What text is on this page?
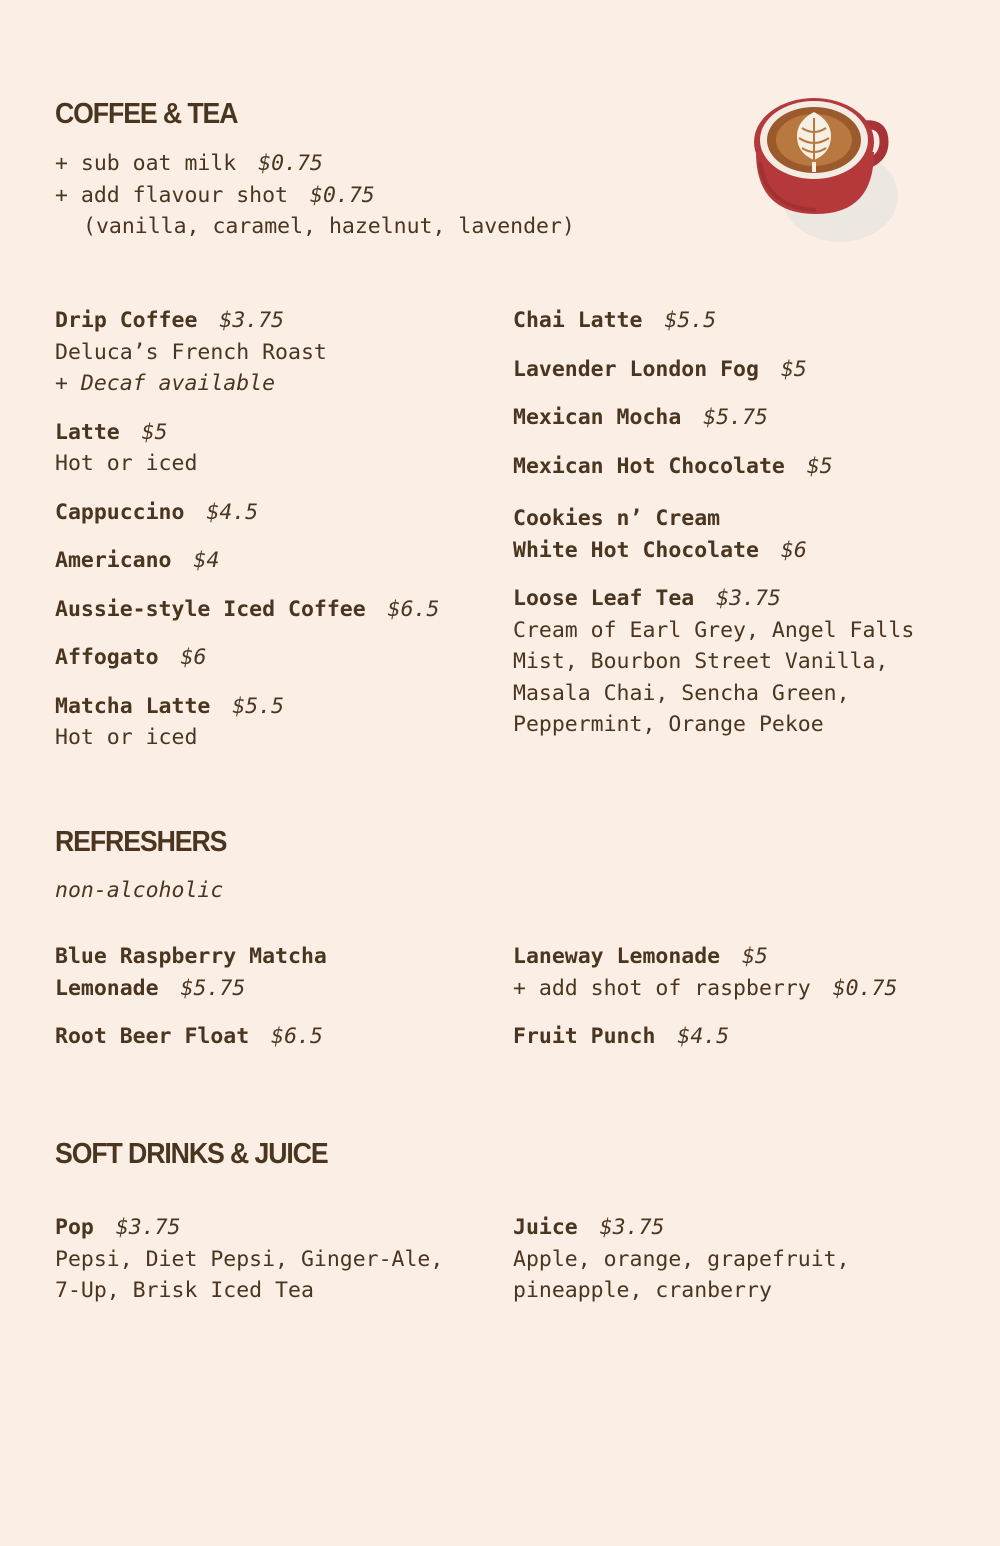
COFFEE & TEA
+ sub oat milk $0.75
+ add flavour shot $0.75
(vanilla, caramel, hazelnut, lavender)
Drip Coffee $3.75
Deluca’s French Roast
+ Decaf available
Latte $5
Hot or iced
Cappuccino $4.5
Americano $4
Aussie-style Iced Coffee $6.5
Affogato $6
Matcha Latte $5.5
Hot or iced
Chai Latte $5.5
Lavender London Fog $5
Mexican Mocha $5.75
Mexican Hot Chocolate $5
Cookies n’ Cream
White Hot Chocolate $6
Loose Leaf Tea $3.75
Cream of Earl Grey, Angel Falls
Mist, Bourbon Street Vanilla,
Masala Chai, Sencha Green,
Peppermint, Orange Pekoe
REFRESHERS
non-alcoholic
Blue Raspberry Matcha
Lemonade $5.75
Root Beer Float $6.5
Laneway Lemonade $5
+ add shot of raspberry $0.75
Fruit Punch $4.5
SOFT DRINKS & JUICE
Pop $3.75
Pepsi, Diet Pepsi, Ginger-Ale,
7-Up, Brisk Iced Tea
Juice $3.75
Apple, orange, grapefruit,
pineapple, cranberry
